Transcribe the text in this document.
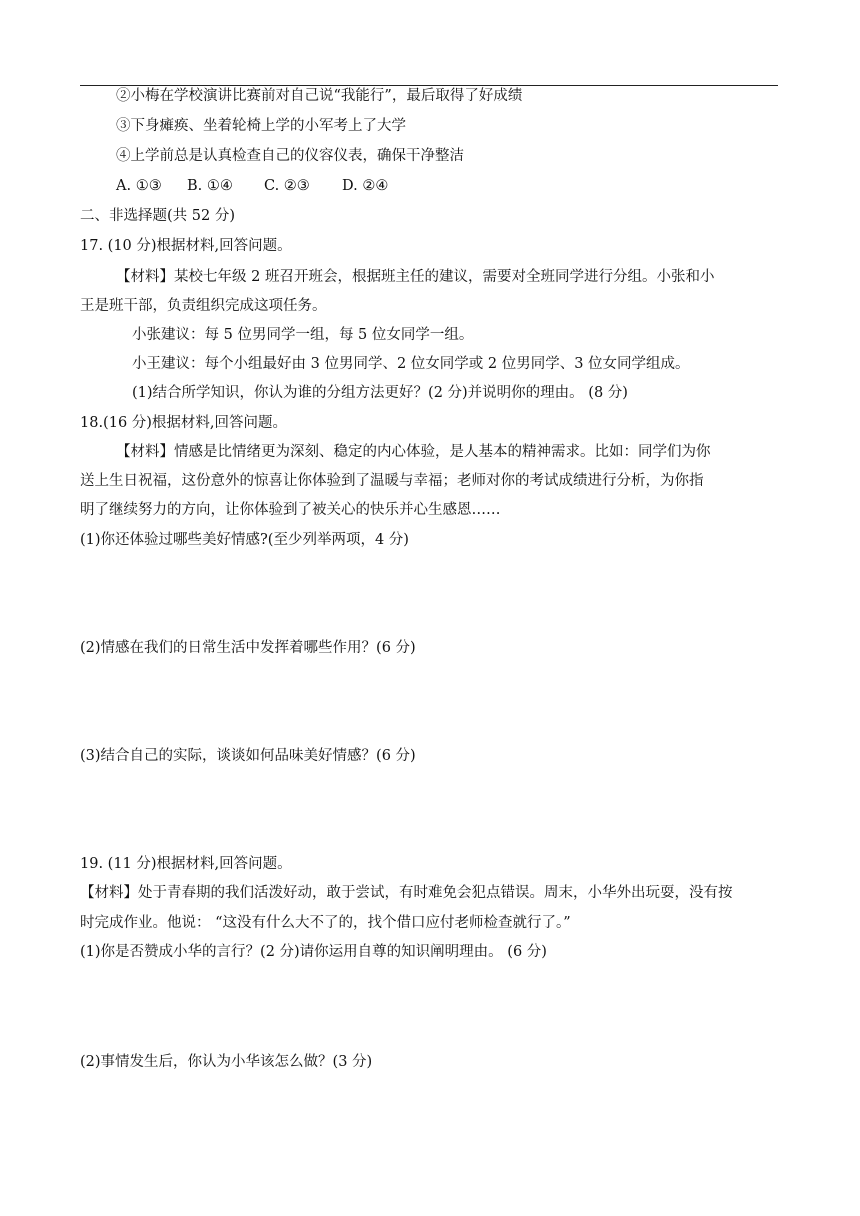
②小梅在学校演讲比赛前对自己说“我能行”，最后取得了好成绩
③下身瘫痪、坐着轮椅上学的小军考上了大学
④上学前总是认真检查自己的仪容仪表，确保干净整洁
A. ①③ B. ①④ C. ②③ D. ②④
二、非选择题(共 52 分)
17. (10 分)根据材料,回答问题。
【材料】某校七年级 2 班召开班会，根据班主任的建议，需要对全班同学进行分组。小张和小
王是班干部，负责组织完成这项任务。
小张建议：每 5 位男同学一组，每 5 位女同学一组。
小王建议：每个小组最好由 3 位男同学、2 位女同学或 2 位男同学、3 位女同学组成。
(1)结合所学知识，你认为谁的分组方法更好？(2 分)并说明你的理由。 (8 分)
18.(16 分)根据材料,回答问题。
【材料】情感是比情绪更为深刻、稳定的内心体验，是人基本的精神需求。比如：同学们为你
送上生日祝福，这份意外的惊喜让你体验到了温暖与幸福；老师对你的考试成绩进行分析，为你指
明了继续努力的方向，让你体验到了被关心的快乐并心生感恩……
(1)你还体验过哪些美好情感?(至少列举两项，4 分)
(2)情感在我们的日常生活中发挥着哪些作用？(6 分)
(3)结合自己的实际，谈谈如何品味美好情感？(6 分)
19. (11 分)根据材料,回答问题。
【材料】处于青春期的我们活泼好动，敢于尝试，有时难免会犯点错误。周末，小华外出玩耍，没有按
时完成作业。他说： “这没有什么大不了的，找个借口应付老师检查就行了。”
(1)你是否赞成小华的言行？(2 分)请你运用自尊的知识阐明理由。 (6 分)
(2)事情发生后，你认为小华该怎么做？(3 分)
